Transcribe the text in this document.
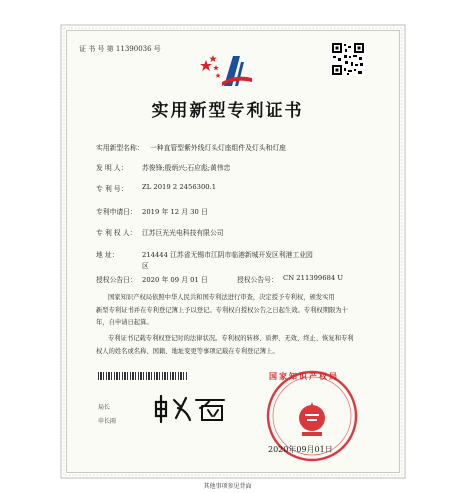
证 书 号 第 11390036 号
实用新型专利证书
实用新型名称： 一种直管型紫外线灯头灯座组件及灯头和灯座
发 明 人： 苏俊锋;殷炳兴;石应彪;黄伟忠
专 利 号： ZL 2019 2 2456300.1
专利申请日： 2019 年 12 月 30 日
专 利 权 人： 江苏巨光光电科技有限公司
地 址：	214444 江苏省无锡市江阴市临港新城开发区利港工业园
区
授权公告日： 2020 年 09 月 01 日	授权公告号： CN 211399684 U
国家知识产权局依照中华人民共和国专利法进行审查，决定授予专利权，颁发实用
新型专利证书并在专利登记簿上予以登记。专利权自授权公告之日起生效。专利权期限为十
年，自申请日起算。
专利证书记载专利权登记时的法律状况。专利权的转移、质押、无效、终止、恢复和专利
权人的姓名或名称、国籍、地址变更等事项记载在专利登记簿上。
局长
申长雨
国家知识产权局
2020年09月01日
其他事项参见背面
